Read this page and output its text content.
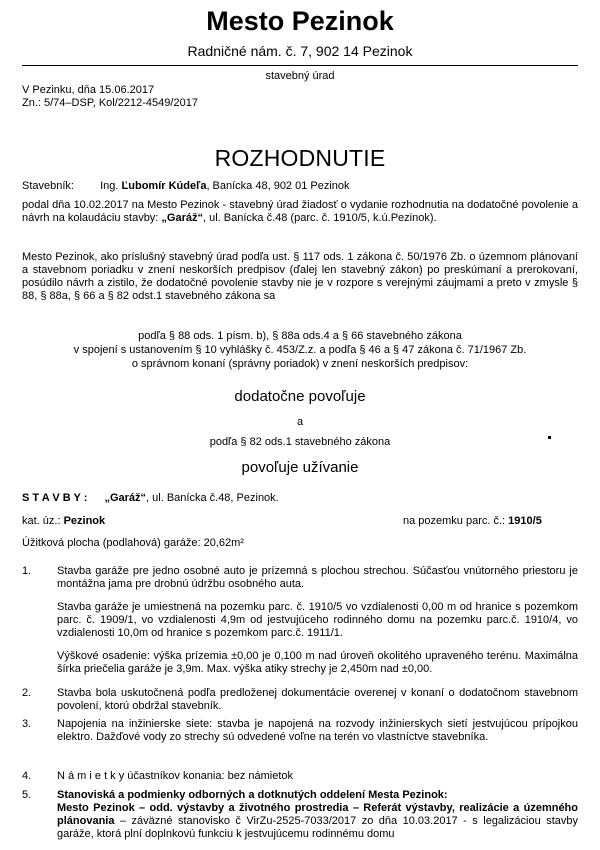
Mesto Pezinok
Radničné nám. č. 7, 902 14 Pezinok
stavebný úrad
V Pezinku, dňa 15.06.2017
Zn.: 5/74–DSP, Kol/2212-4549/2017
ROZHODNUTIE
Stavebník: Ing. Ľubomír Kúdeľa, Banícka 48, 902 01 Pezinok
podal dňa 10.02.2017 na Mesto Pezinok - stavebný úrad žiadosť o vydanie rozhodnutia na dodatočné povolenie a návrh na kolaudáciu stavby: „Garáž“, ul. Banícka č.48 (parc. č. 1910/5, k.ú.Pezinok).
Mesto Pezinok, ako príslušný stavebný úrad podľa ust. § 117 ods. 1 zákona č. 50/1976 Zb. o územnom plánovaní a stavebnom poriadku v znení neskorších predpisov (ďalej len stavebný zákon) po preskúmaní a prerokovaní, posúdilo návrh a zistilo, že dodatočné povolenie stavby nie je v rozpore s verejnými záujmami a preto v zmysle § 88, § 88a, § 66 a § 82 odst.1 stavebného zákona sa
podľa § 88 ods. 1 písm. b), § 88a ods.4 a § 66 stavebného zákona
v spojení s ustanovením § 10 vyhlášky č. 453/Z.z. a podľa § 46 a § 47 zákona č. 71/1967 Zb.
o správnom konaní (správny poriadok) v znení neskorších predpisov:
dodatočne povoľuje
a
podľa § 82 ods.1 stavebného zákona
povoľuje užívanie
S T A V B Y : „Garáž“, ul. Banícka č.48, Pezinok.
kat. úz.: Pezinok	na pozemku parc. č.: 1910/5
Úžitková plocha (podlahová) garáže: 20,62m²
1.	Stavba garáže pre jedno osobné auto je prízemná s plochou strechou. Súčasťou vnútorného priestoru je montážna jama pre drobnú údržbu osobného auta.
Stavba garáže je umiestnená na pozemku parc. č. 1910/5 vo vzdialenosti 0,00 m od hranice s pozemkom parc. č. 1909/1, vo vzdialenosti 4,9m od jestvujúceho rodinného domu na pozemku parc.č. 1910/4, vo vzdialenosti 10,0m od hranice s pozemkom parc.č. 1911/1.
Výškové osadenie: výška prízemia ±0,00 je 0,100 m nad úroveň okolitého upraveného terénu. Maximálna šírka priečelia garáže je 3,9m. Max. výška atiky strechy je 2,450m nad ±0,00.
2.	Stavba bola uskutočnená podľa predloženej dokumentácie overenej v konaní o dodatočnom stavebnom povolení, ktorú obdržal stavebník.
3.	Napojenia na inžinierske siete: stavba je napojená na rozvody inžinierskych sietí jestvujúcou prípojkou elektro. Dažďové vody zo strechy sú odvedené voľne na terén vo vlastníctve stavebníka.
4.	N á m i e t k y účastníkov konania: bez námietok
5.	Stanoviská a podmienky odborných a dotknutých oddelení Mesta Pezinok:
Mesto Pezinok – odd. výstavby a životného prostredia – Referát výstavby, realizácie a územného plánovania – záväzné stanovisko č VirZu-2525-7033/2017 zo dňa 10.03.2017 - s legalizáciou stavby garáže, ktorá plní doplnkovú funkciu k jestvujúcemu rodinnému domu
